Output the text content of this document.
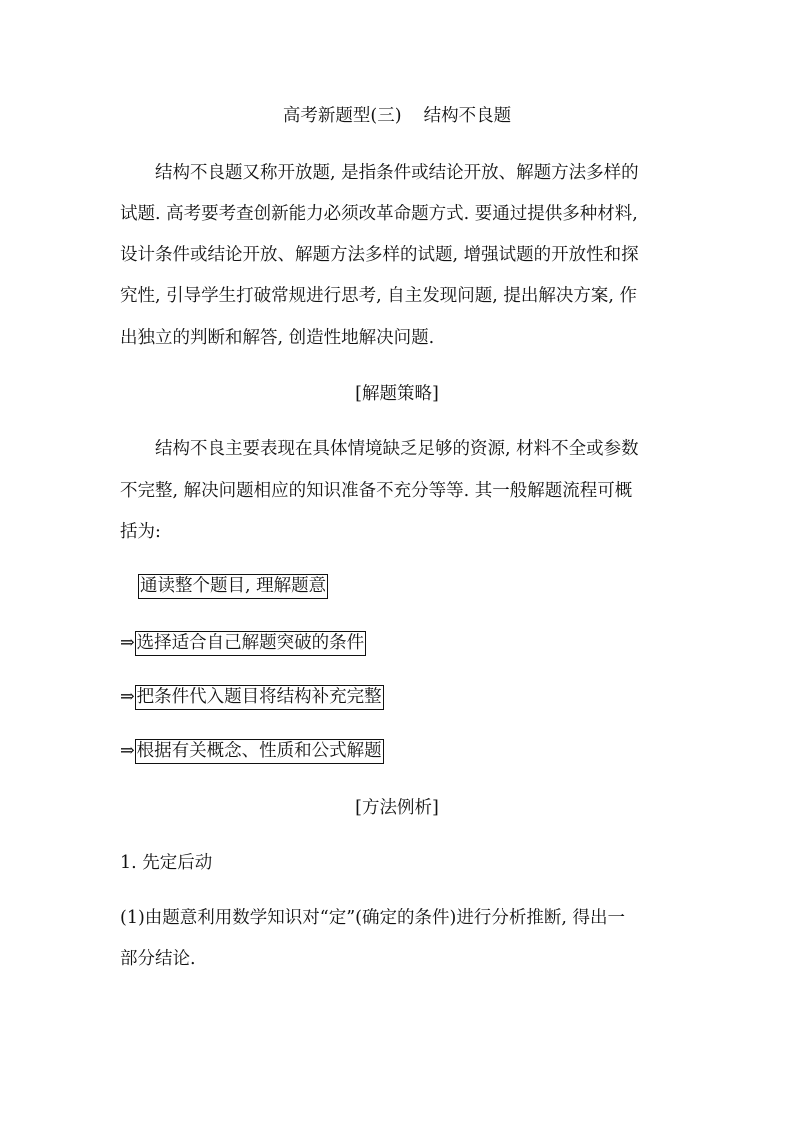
高考新题型(三) 结构不良题
结构不良题又称开放题, 是指条件或结论开放、解题方法多样的
试题. 高考要考查创新能力必须改革命题方式. 要通过提供多种材料,
设计条件或结论开放、解题方法多样的试题, 增强试题的开放性和探
究性, 引导学生打破常规进行思考, 自主发现问题, 提出解决方案, 作
出独立的判断和解答, 创造性地解决问题.
[解题策略]
结构不良主要表现在具体情境缺乏足够的资源, 材料不全或参数
不完整, 解决问题相应的知识准备不充分等等. 其一般解题流程可概
括为:
通读整个题目, 理解题意
⇒ 选择适合自己解题突破的条件
⇒ 把条件代入题目将结构补充完整
⇒ 根据有关概念、性质和公式解题
[方法例析]
1. 先定后动
(1)由题意利用数学知识对“定”(确定的条件)进行分析推断, 得出一
部分结论.
